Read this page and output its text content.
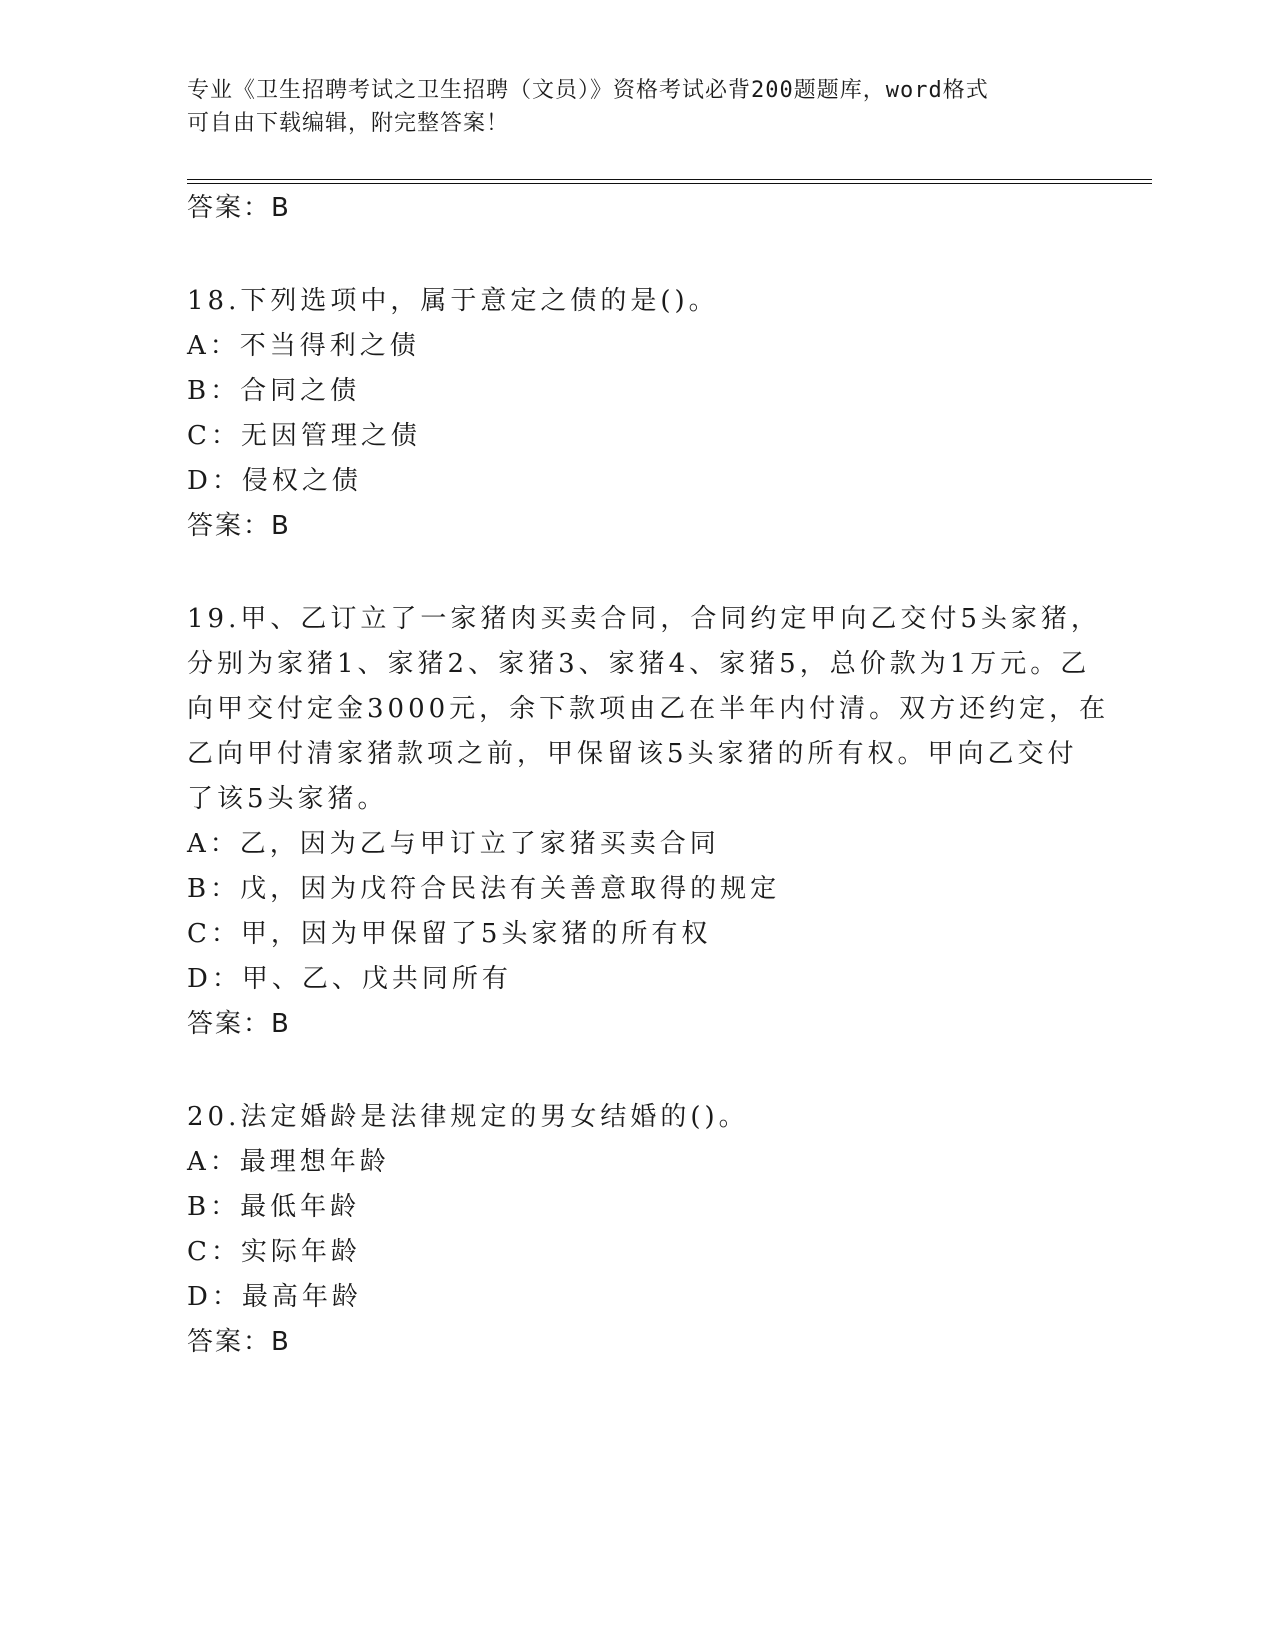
专业《卫生招聘考试之卫生招聘（文员）》资格考试必背200题题库，word格式
可自由下载编辑，附完整答案！
答案：B
18.下列选项中，属于意定之债的是()。
A：不当得利之债
B：合同之债
C：无因管理之债
D：侵权之债
答案：B
19.甲、乙订立了一家猪肉买卖合同，合同约定甲向乙交付5头家猪，
分别为家猪1、家猪2、家猪3、家猪4、家猪5，总价款为1万元。乙
向甲交付定金3000元，余下款项由乙在半年内付清。双方还约定，在
乙向甲付清家猪款项之前，甲保留该5头家猪的所有权。甲向乙交付
了该5头家猪。
A：乙，因为乙与甲订立了家猪买卖合同
B：戊，因为戊符合民法有关善意取得的规定
C：甲，因为甲保留了5头家猪的所有权
D：甲、乙、戊共同所有
答案：B
20.法定婚龄是法律规定的男女结婚的()。
A：最理想年龄
B：最低年龄
C：实际年龄
D：最高年龄
答案：B
